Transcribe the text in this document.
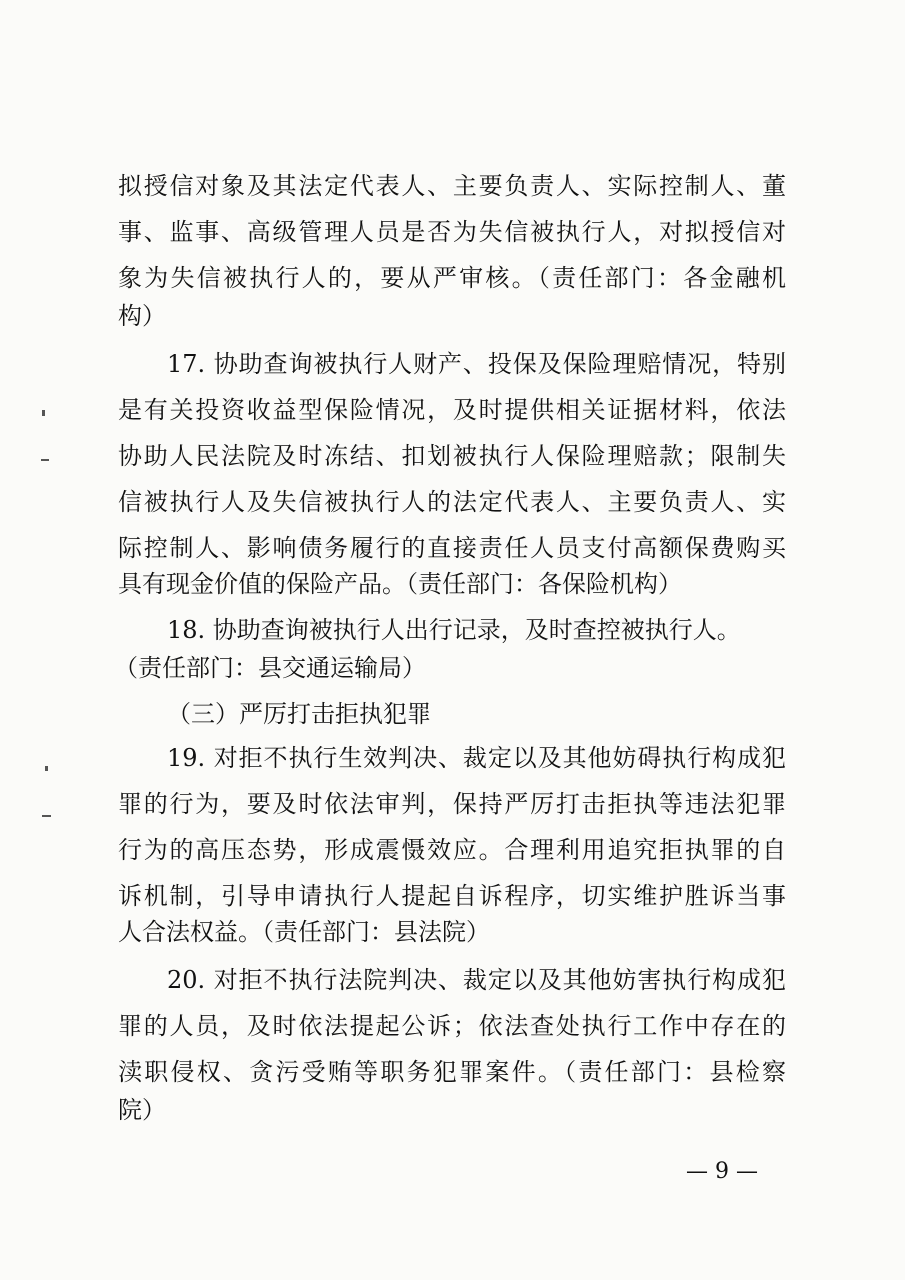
拟授信对象及其法定代表人、主要负责人、实际控制人、董
事、监事、高级管理人员是否为失信被执行人，对拟授信对
象为失信被执行人的，要从严审核。（责任部门：各金融机
构）
17. 协助查询被执行人财产、投保及保险理赔情况，特别
是有关投资收益型保险情况，及时提供相关证据材料，依法
协助人民法院及时冻结、扣划被执行人保险理赔款；限制失
信被执行人及失信被执行人的法定代表人、主要负责人、实
际控制人、影响债务履行的直接责任人员支付高额保费购买
具有现金价值的保险产品。（责任部门：各保险机构）
18. 协助查询被执行人出行记录，及时查控被执行人。
（责任部门：县交通运输局）
（三）严厉打击拒执犯罪
19. 对拒不执行生效判决、裁定以及其他妨碍执行构成犯
罪的行为，要及时依法审判，保持严厉打击拒执等违法犯罪
行为的高压态势，形成震慑效应。合理利用追究拒执罪的自
诉机制，引导申请执行人提起自诉程序，切实维护胜诉当事
人合法权益。（责任部门：县法院）
20. 对拒不执行法院判决、裁定以及其他妨害执行构成犯
罪的人员，及时依法提起公诉；依法查处执行工作中存在的
渎职侵权、贪污受贿等职务犯罪案件。（责任部门：县检察
院）
— 9 —
